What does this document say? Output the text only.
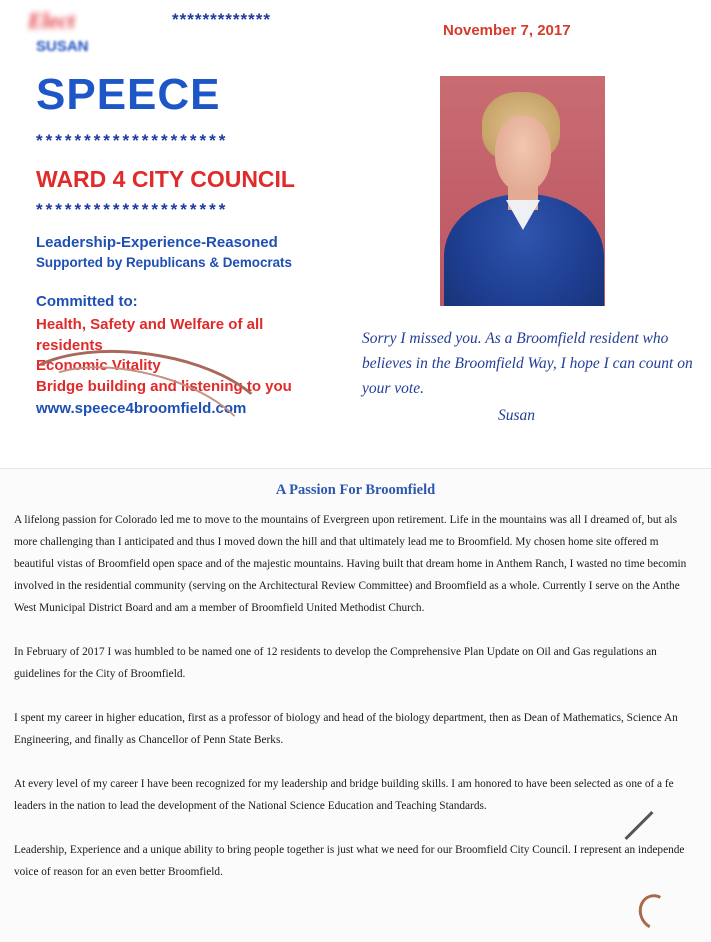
Elect	*************
SUSAN
SPEECE
********************
WARD 4 CITY COUNCIL
********************
Leadership-Experience-Reasoned
Supported by Republicans & Democrats
Committed to:
Health, Safety and Welfare of all residents
Economic Vitality
Bridge building and listening to you
www.speece4broomfield.com
November 7, 2017
Sorry I missed you. As a Broomfield resident who believes in the Broomfield Way, I hope I can count on your vote.
Susan
A Passion For Broomfield

A lifelong passion for Colorado led me to move to the mountains of Evergreen upon retirement. Life in the mountains was all I dreamed of, but als
more challenging than I anticipated and thus I moved down the hill and that ultimately lead me to Broomfield. My chosen home site offered m
beautiful vistas of Broomfield open space and of the majestic mountains. Having built that dream home in Anthem Ranch, I wasted no time becomin
involved in the residential community (serving on the Architectural Review Committee) and Broomfield as a whole. Currently I serve on the Anthe
West Municipal District Board and am a member of Broomfield United Methodist Church.

In February of 2017 I was humbled to be named one of 12 residents to develop the Comprehensive Plan Update on Oil and Gas regulations an
guidelines for the City of Broomfield.

I spent my career in higher education, first as a professor of biology and head of the biology department, then as Dean of Mathematics, Science An
Engineering, and finally as Chancellor of Penn State Berks.

At every level of my career I have been recognized for my leadership and bridge building skills. I am honored to have been selected as one of a fe
leaders in the nation to lead the development of the National Science Education and Teaching Standards.

Leadership, Experience and a unique ability to bring people together is just what we need for our Broomfield City Council. I represent an independe
voice of reason for an even better Broomfield.
